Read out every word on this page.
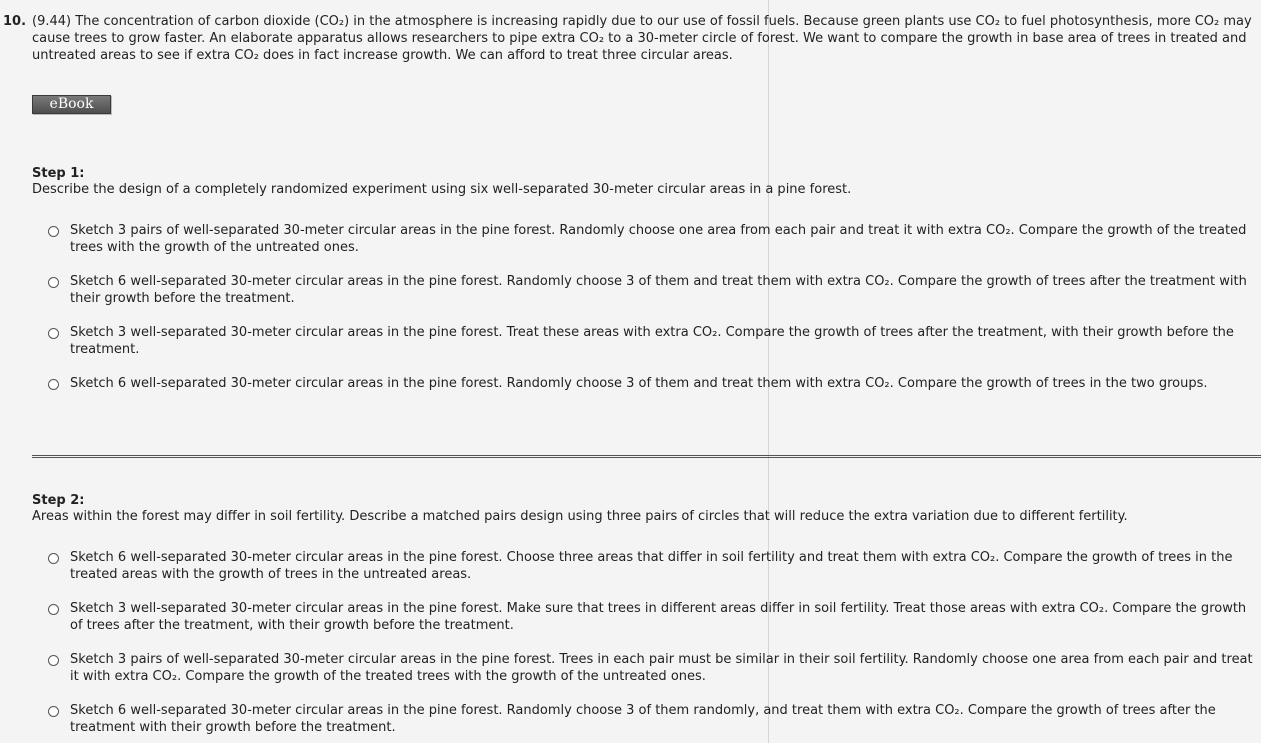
10. (9.44) The concentration of carbon dioxide (CO₂) in the atmosphere is increasing rapidly due to our use of fossil fuels. Because green plants use CO₂ to fuel photosynthesis, more CO₂ may cause trees to grow faster. An elaborate apparatus allows researchers to pipe extra CO₂ to a 30-meter circle of forest. We want to compare the growth in base area of trees in treated and untreated areas to see if extra CO₂ does in fact increase growth. We can afford to treat three circular areas.
eBook
Step 1:
Describe the design of a completely randomized experiment using six well-separated 30-meter circular areas in a pine forest.
Sketch 3 pairs of well-separated 30-meter circular areas in the pine forest. Randomly choose one area from each pair and treat it with extra CO₂. Compare the growth of the treated trees with the growth of the untreated ones.
Sketch 6 well-separated 30-meter circular areas in the pine forest. Randomly choose 3 of them and treat them with extra CO₂. Compare the growth of trees after the treatment with their growth before the treatment.
Sketch 3 well-separated 30-meter circular areas in the pine forest. Treat these areas with extra CO₂. Compare the growth of trees after the treatment, with their growth before the treatment.
Sketch 6 well-separated 30-meter circular areas in the pine forest. Randomly choose 3 of them and treat them with extra CO₂. Compare the growth of trees in the two groups.
Step 2:
Areas within the forest may differ in soil fertility. Describe a matched pairs design using three pairs of circles that will reduce the extra variation due to different fertility.
Sketch 6 well-separated 30-meter circular areas in the pine forest. Choose three areas that differ in soil fertility and treat them with extra CO₂. Compare the growth of trees in the treated areas with the growth of trees in the untreated areas.
Sketch 3 well-separated 30-meter circular areas in the pine forest. Make sure that trees in different areas differ in soil fertility. Treat those areas with extra CO₂. Compare the growth of trees after the treatment, with their growth before the treatment.
Sketch 3 pairs of well-separated 30-meter circular areas in the pine forest. Trees in each pair must be similar in their soil fertility. Randomly choose one area from each pair and treat it with extra CO₂. Compare the growth of the treated trees with the growth of the untreated ones.
Sketch 6 well-separated 30-meter circular areas in the pine forest. Randomly choose 3 of them randomly, and treat them with extra CO₂. Compare the growth of trees after the treatment with their growth before the treatment.
